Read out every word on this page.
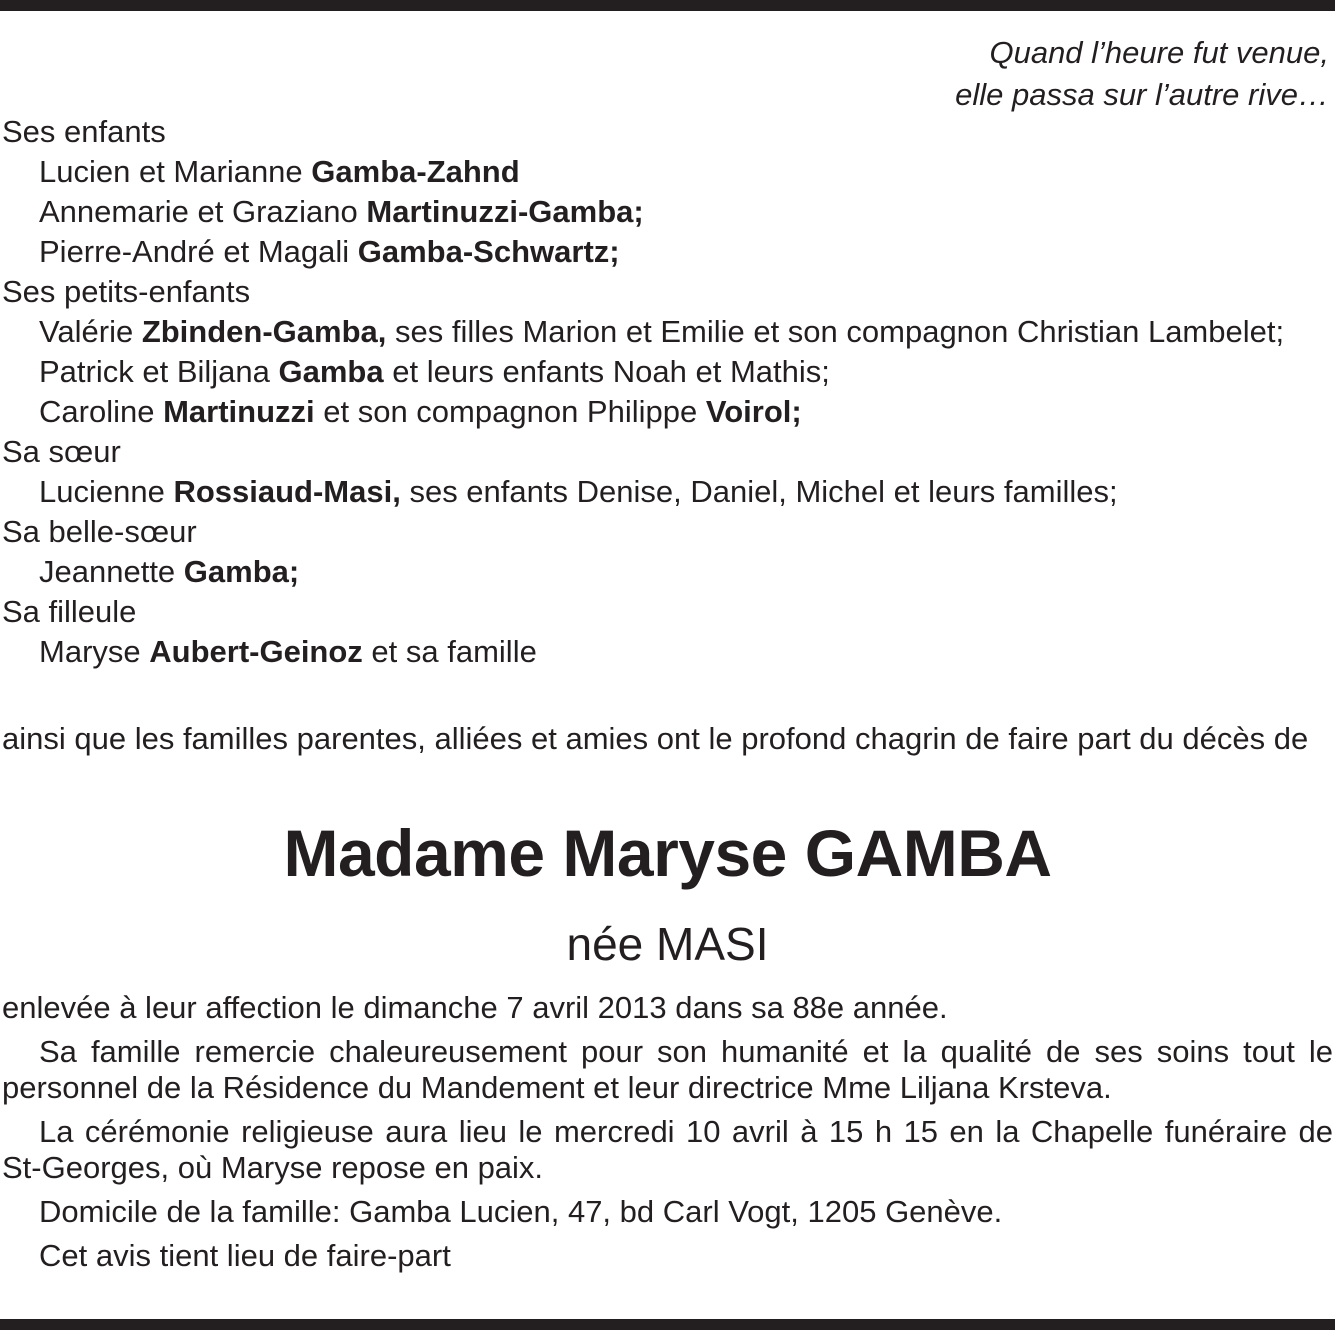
Quand l’heure fut venue,
elle passa sur l’autre rive…
Ses enfants
Lucien et Marianne Gamba-Zahnd
Annemarie et Graziano Martinuzzi-Gamba;
Pierre-André et Magali Gamba-Schwartz;
Ses petits-enfants
Valérie Zbinden-Gamba, ses filles Marion et Emilie et son compagnon Christian Lambelet;
Patrick et Biljana Gamba et leurs enfants Noah et Mathis;
Caroline Martinuzzi et son compagnon Philippe Voirol;
Sa sœur
Lucienne Rossiaud-Masi, ses enfants Denise, Daniel, Michel et leurs familles;
Sa belle-sœur
Jeannette Gamba;
Sa filleule
Maryse Aubert-Geinoz et sa famille
ainsi que les familles parentes, alliées et amies ont le profond chagrin de faire part du décès de
Madame Maryse GAMBA
née MASI

enlevée à leur affection le dimanche 7 avril 2013 dans sa 88e année.

Sa famille remercie chaleureusement pour son humanité et la qualité de ses soins tout le personnel de la Résidence du Mandement et leur directrice Mme Liljana Krsteva.

La cérémonie religieuse aura lieu le mercredi 10 avril à 15 h 15 en la Chapelle funéraire de St-Georges, où Maryse repose en paix.

Domicile de la famille: Gamba Lucien, 47, bd Carl Vogt, 1205 Genève.

Cet avis tient lieu de faire-part
